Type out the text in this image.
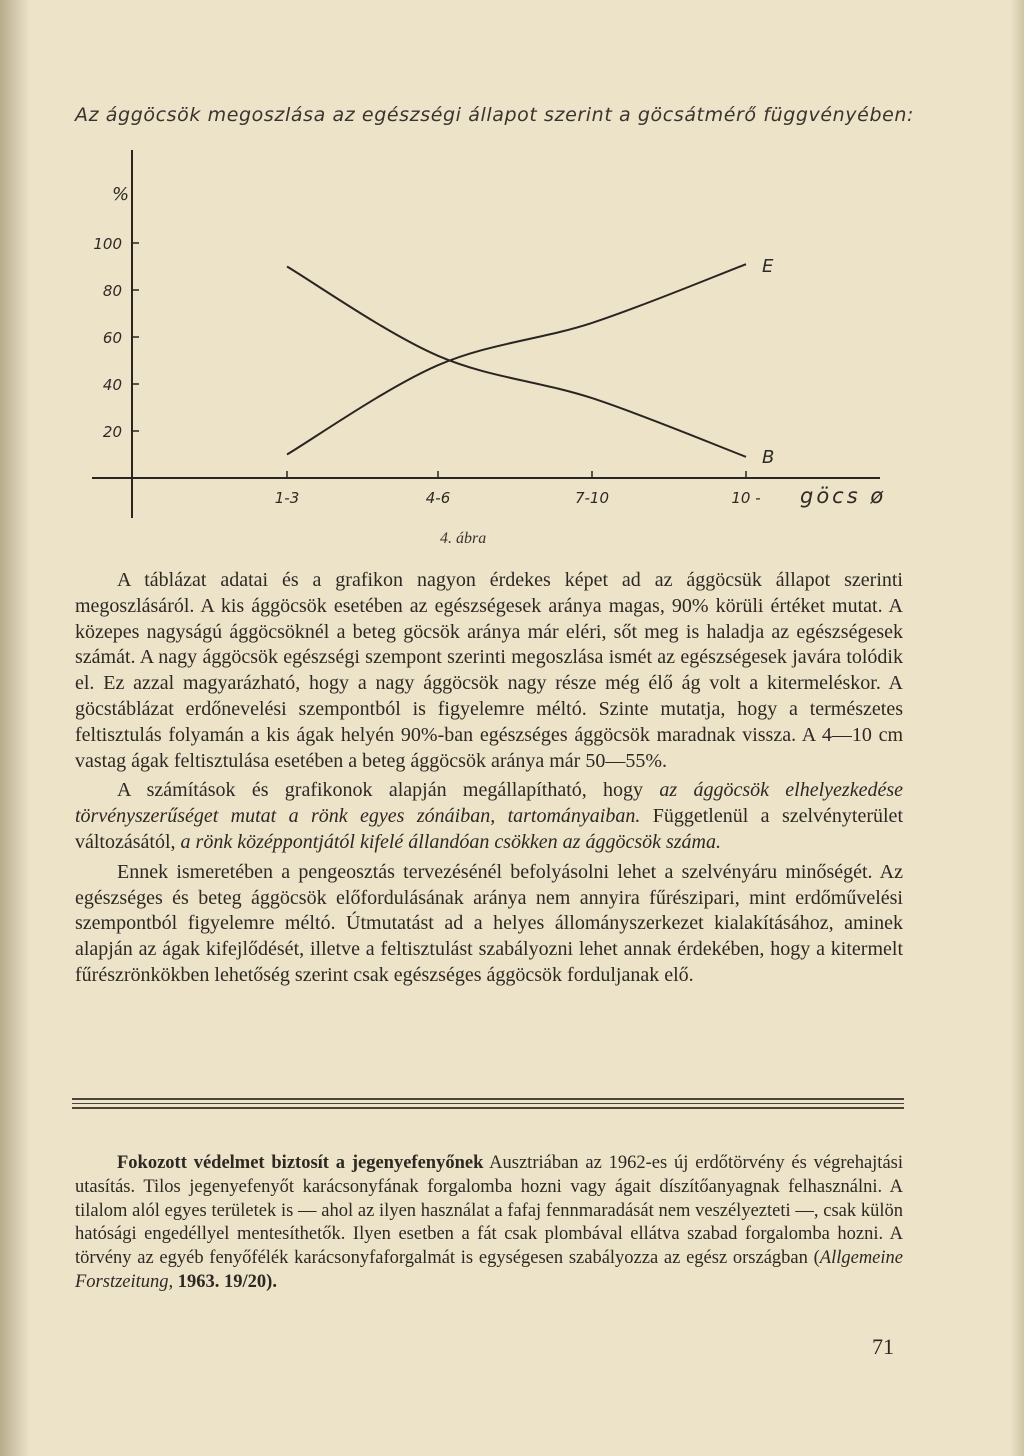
Az ággöcsök megoszlása az egészségi állapot szerint a göcsátmérő függvényében:
%
göcs ø
100
80
60
40
20
1-3	4-6	7-10	10 -
E
B
4. ábra

A táblázat adatai és a grafikon nagyon érdekes képet ad az ággöcsük állapot szerinti megoszlásáról. A kis ággöcsök esetében az egészségesek aránya magas, 90% körüli értéket mutat. A közepes nagyságú ággöcsöknél a beteg göcsök aránya már eléri, sőt meg is haladja az egészségesek számát. A nagy ággöcsök egészségi szempont szerinti megoszlása ismét az egészségesek javára tolódik el. Ez azzal magyarázható, hogy a nagy ággöcsök nagy része még élő ág volt a kitermeléskor. A göcstáblázat erdőnevelési szempontból is figyelemre méltó. Szinte mutatja, hogy a természetes feltisztulás folyamán a kis ágak helyén 90%-ban egészséges ággöcsök maradnak vissza. A 4—10 cm vastag ágak feltisztulása esetében a beteg ággöcsök aránya már 50—55%.

A számítások és grafikonok alapján megállapítható, hogy az ággöcsök elhelyezkedése törvényszerűséget mutat a rönk egyes zónáiban, tartományaiban. Függetlenül a szelvényterület változásától, a rönk középpontjától kifelé állandóan csökken az ággöcsök száma.

Ennek ismeretében a pengeosztás tervezésénél befolyásolni lehet a szelvényáru minőségét. Az egészséges és beteg ággöcsök előfordulásának aránya nem annyira fűrészipari, mint erdőművelési szempontból figyelemre méltó. Útmutatást ad a helyes állományszerkezet kialakításához, aminek alapján az ágak kifejlődését, illetve a feltisztulást szabályozni lehet annak érdekében, hogy a kitermelt fűrészrönkökben lehetőség szerint csak egészséges ággöcsök forduljanak elő.

Fokozott védelmet biztosít a jegenyefenyőnek Ausztriában az 1962-es új erdőtörvény és végrehajtási utasítás. Tilos jegenyefenyőt karácsonyfának forgalomba hozni vagy ágait díszítőanyagnak felhasználni. A tilalom alól egyes területek is — ahol az ilyen használat a fafaj fennmaradását nem veszélyezteti —, csak külön hatósági engedéllyel mentesíthetők. Ilyen esetben a fát csak plombával ellátva szabad forgalomba hozni. A törvény az egyéb fenyőfélék karácsonyfaforgalmát is egységesen szabályozza az egész országban (Allgemeine Forstzeitung, 1963. 19/20).

71
